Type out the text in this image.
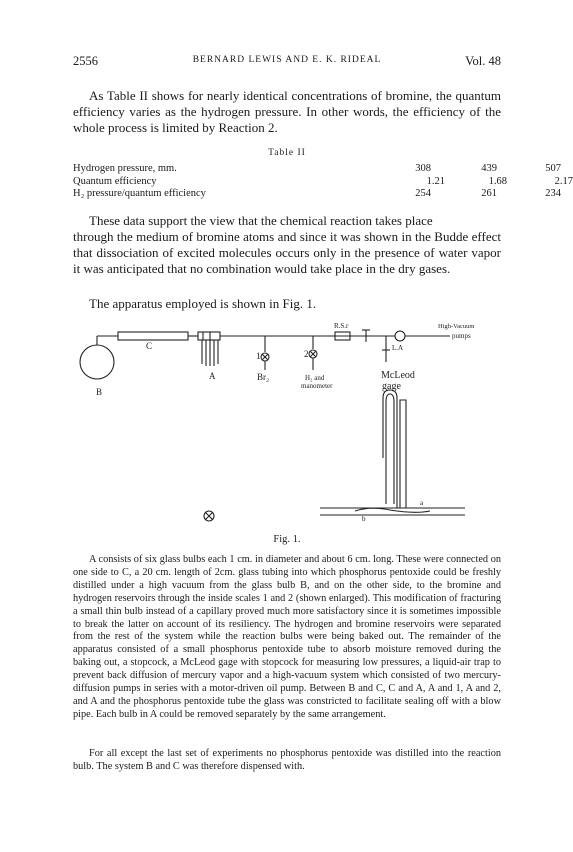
2556	BERNARD LEWIS AND E. K. RIDEAL	Vol. 48

As Table II shows for nearly identical concentrations of bromine, the quantum efficiency varies as the hydrogen pressure. In other words, the efficiency of the whole process is limited by Reaction 2.

Table II
Hydrogen pressure, mm.	308	439	507
Quantum efficiency	1.21	1.68	2.17
H₂ pressure/quantum efficiency	254	261	234
These data support the view that the chemical reaction takes place
through the medium of bromine atoms and since it was shown in the Budde effect that dissociation of excited molecules occurs only in the presence of water vapor it was anticipated that no combination would take place in the dry gases.

The apparatus employed is shown in Fig. 1.

C
B
A
1	2
Br₂	H₂ and
manometer
R.S.r
L.A
High-Vacuum
pumps
McLeod
gage
a
b
Fig. 1.

A consists of six glass bulbs each 1 cm. in diameter and about 6 cm. long. These were connected on one side to C, a 20 cm. length of 2cm. glass tubing into which phosphorus pentoxide could be freshly distilled under a high vacuum from the glass bulb B, and on the other side, to the bromine and hydrogen reservoirs through the inside scales 1 and 2 (shown enlarged). This modification of fracturing a small thin bulb instead of a capillary proved much more satisfactory since it is sometimes impossible to break the latter on account of its resiliency. The hydrogen and bromine reservoirs were separated from the rest of the system while the reaction bulbs were being baked out. The remainder of the apparatus consisted of a small phosphorus pentoxide tube to absorb moisture removed during the baking out, a stopcock, a McLeod gage with stopcock for measuring low pressures, a liquid-air trap to prevent back diffusion of mercury vapor and a high-vacuum system which consisted of two mercury-diffusion pumps in series with a motor-driven oil pump. Between B and C, C and A, A and 1, A and 2, and A and the phosphorus pentoxide tube the glass was constricted to facilitate sealing off with a blow pipe. Each bulb in A could be removed separately by the same arrangement.

For all except the last set of experiments no phosphorus pentoxide was distilled into the reaction bulb. The system B and C was therefore dispensed with.
